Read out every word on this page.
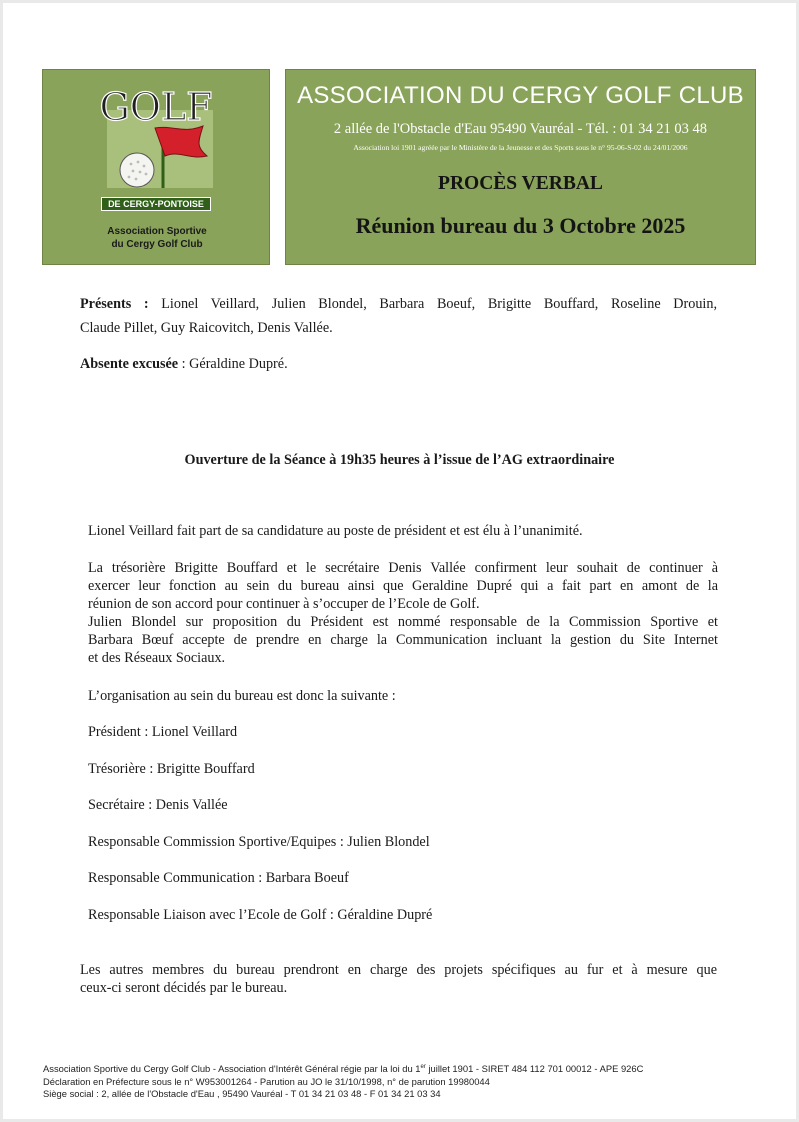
GOLF
DE CERGY-PONTOISE
Association Sportive
du Cergy Golf Club
ASSOCIATION DU CERGY GOLF CLUB
2 allée de l'Obstacle d'Eau 95490 Vauréal - Tél. : 01 34 21 03 48
Association loi 1901 agréée par le Ministère de la Jeunesse et des Sports sous le n° 95-06-S-02 du 24/01/2006
PROCÈS VERBAL
Réunion bureau du 3 Octobre 2025
Présents : Lionel Veillard, Julien Blondel, Barbara Boeuf, Brigitte Bouffard, Roseline Drouin,
Claude Pillet, Guy Raicovitch, Denis Vallée.
Absente excusée : Géraldine Dupré.
Ouverture de la Séance à 19h35 heures à l’issue de l’AG extraordinaire
Lionel Veillard fait part de sa candidature au poste de président et est élu à l’unanimité.
La trésorière Brigitte Bouffard et le secrétaire Denis Vallée confirment leur souhait de continuer à
exercer leur fonction au sein du bureau ainsi que Geraldine Dupré qui a fait part en amont de la
réunion de son accord pour continuer à s’occuper de l’Ecole de Golf.
Julien Blondel sur proposition du Président est nommé responsable de la Commission Sportive et
Barbara Bœuf accepte de prendre en charge la Communication incluant la gestion du Site Internet
et des Réseaux Sociaux.
L’organisation au sein du bureau est donc la suivante :
Président : Lionel Veillard
Trésorière : Brigitte Bouffard
Secrétaire : Denis Vallée
Responsable Commission Sportive/Equipes : Julien Blondel
Responsable Communication : Barbara Boeuf
Responsable Liaison avec l’Ecole de Golf : Géraldine Dupré
Les autres membres du bureau prendront en charge des projets spécifiques au fur et à mesure que
ceux-ci seront décidés par le bureau.
Association Sportive du Cergy Golf Club - Association d'Intérêt Général régie par la loi du 1er juillet 1901 - SIRET 484 112 701 00012 - APE 926C
Déclaration en Préfecture sous le n° W953001264 - Parution au JO le 31/10/1998, n° de parution 19980044
Siège social : 2, allée de l'Obstacle d'Eau , 95490 Vauréal - T 01 34 21 03 48 - F 01 34 21 03 34
